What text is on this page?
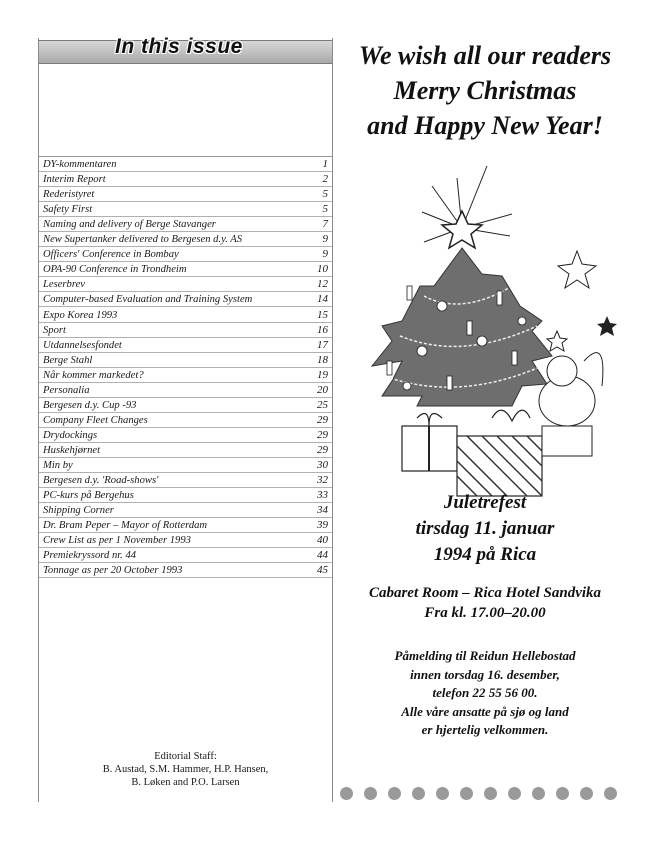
In this issue
DY-kommentaren	1
Interim Report	2
Rederistyret	5
Safety First	5
Naming and delivery of Berge Stavanger	7
New Supertanker delivered to Bergesen d.y. AS	9
Officers' Conference in Bombay	9
OPA-90 Conference in Trondheim	10
Leserbrev	12
Computer-based Evaluation and Training System	14
Expo Korea 1993	15
Sport	16
Utdannelsesfondet	17
Berge Stahl	18
Når kommer markedet?	19
Personalia	20
Bergesen d.y. Cup -93	25
Company Fleet Changes	29
Drydockings	29
Huskehjørnet	29
Min by	30
Bergesen d.y. 'Road-shows'	32
PC-kurs på Bergehus	33
Shipping Corner	34
Dr. Bram Peper – Mayor of Rotterdam	39
Crew List as per 1 November 1993	40
Premiekryssord nr. 44	44
Tonnage as per 20 October 1993	45
Editorial Staff:
B. Austad, S.M. Hammer, H.P. Hansen,
B. Løken and P.O. Larsen
We wish all our readers
Merry Christmas
and Happy New Year!
Juletrefest
tirsdag 11. januar
1994 på Rica
Cabaret Room – Rica Hotel Sandvika
Fra kl. 17.00–20.00
Påmelding til Reidun Hellebostad
innen torsdag 16. desember,
telefon 22 55 56 00.
Alle våre ansatte på sjø og land
er hjertelig velkommen.
